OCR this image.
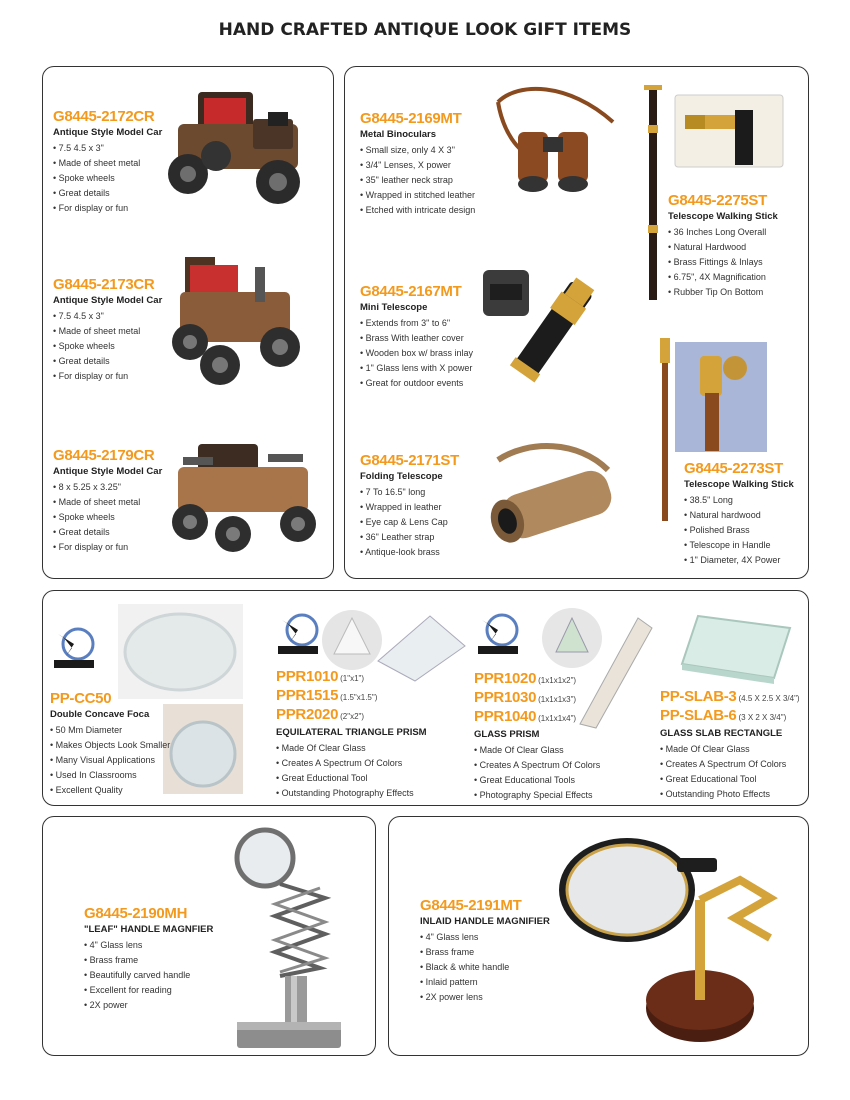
HAND CRAFTED ANTIQUE LOOK GIFT ITEMS
G8445-2172CR
Antique Style Model Car
• 7.5 4.5 x 3"
• Made of sheet metal
• Spoke wheels
• Great details
• For display or fun
G8445-2173CR
Antique Style Model Car
• 7.5 4.5 x 3"
• Made of sheet metal
• Spoke wheels
• Great details
• For display or fun
G8445-2179CR
Antique Style Model Car
• 8 x 5.25 x 3.25"
• Made of sheet metal
• Spoke wheels
• Great details
• For display or fun
G8445-2169MT
Metal Binoculars
• Small size, only 4 X 3"
• 3/4" Lenses, X power
• 35" leather neck strap
• Wrapped in stitched leather
• Etched with intricate design
G8445-2167MT
Mini Telescope
• Extends from 3" to 6"
• Brass With leather cover
• Wooden box w/ brass inlay
• 1" Glass lens with X power
• Great for outdoor events
G8445-2171ST
Folding Telescope
• 7 To 16.5" long
• Wrapped in leather
• Eye cap & Lens Cap
• 36" Leather strap
• Antique-look brass
G8445-2275ST
Telescope Walking Stick
• 36 Inches Long Overall
• Natural Hardwood
• Brass Fittings & Inlays
• 6.75", 4X Magnification
• Rubber Tip On Bottom
G8445-2273ST
Telescope Walking Stick
• 38.5" Long
• Natural hardwood
• Polished Brass
• Telescope in Handle
• 1" Diameter, 4X Power
PP-CC50
Double Concave Foca
• 50 Mm Diameter
• Makes Objects Look Smaller
• Many Visual Applications
• Used In Classrooms
• Excellent Quality
PPR1010 (1"x1")
PPR1515 (1.5"x1.5")
PPR2020 (2"x2")
EQUILATERAL TRIANGLE PRISM
• Made Of Clear Glass
• Creates A Spectrum Of Colors
• Great Eductional Tool
• Outstanding Photography Effects
PPR1020 (1x1x1x2")
PPR1030 (1x1x1x3")
PPR1040 (1x1x1x4")
GLASS PRISM
• Made Of Clear Glass
• Creates A Spectrum Of Colors
• Great Educational Tools
• Photography Special Effects
PP-SLAB-3 (4.5 X 2.5 X 3/4")
PP-SLAB-6 (3 X 2 X 3/4")
GLASS SLAB RECTANGLE
• Made Of Clear Glass
• Creates A Spectrum Of Colors
• Great Educational Tool
• Outstanding Photo Effects
G8445-2190MH
"LEAF" HANDLE MAGNFIER
• 4" Glass lens
• Brass frame
• Beautifully carved handle
• Excellent for reading
• 2X power
G8445-2191MT
INLAID HANDLE MAGNIFIER
• 4" Glass lens
• Brass frame
• Black & white handle
• Inlaid pattern
• 2X power lens
